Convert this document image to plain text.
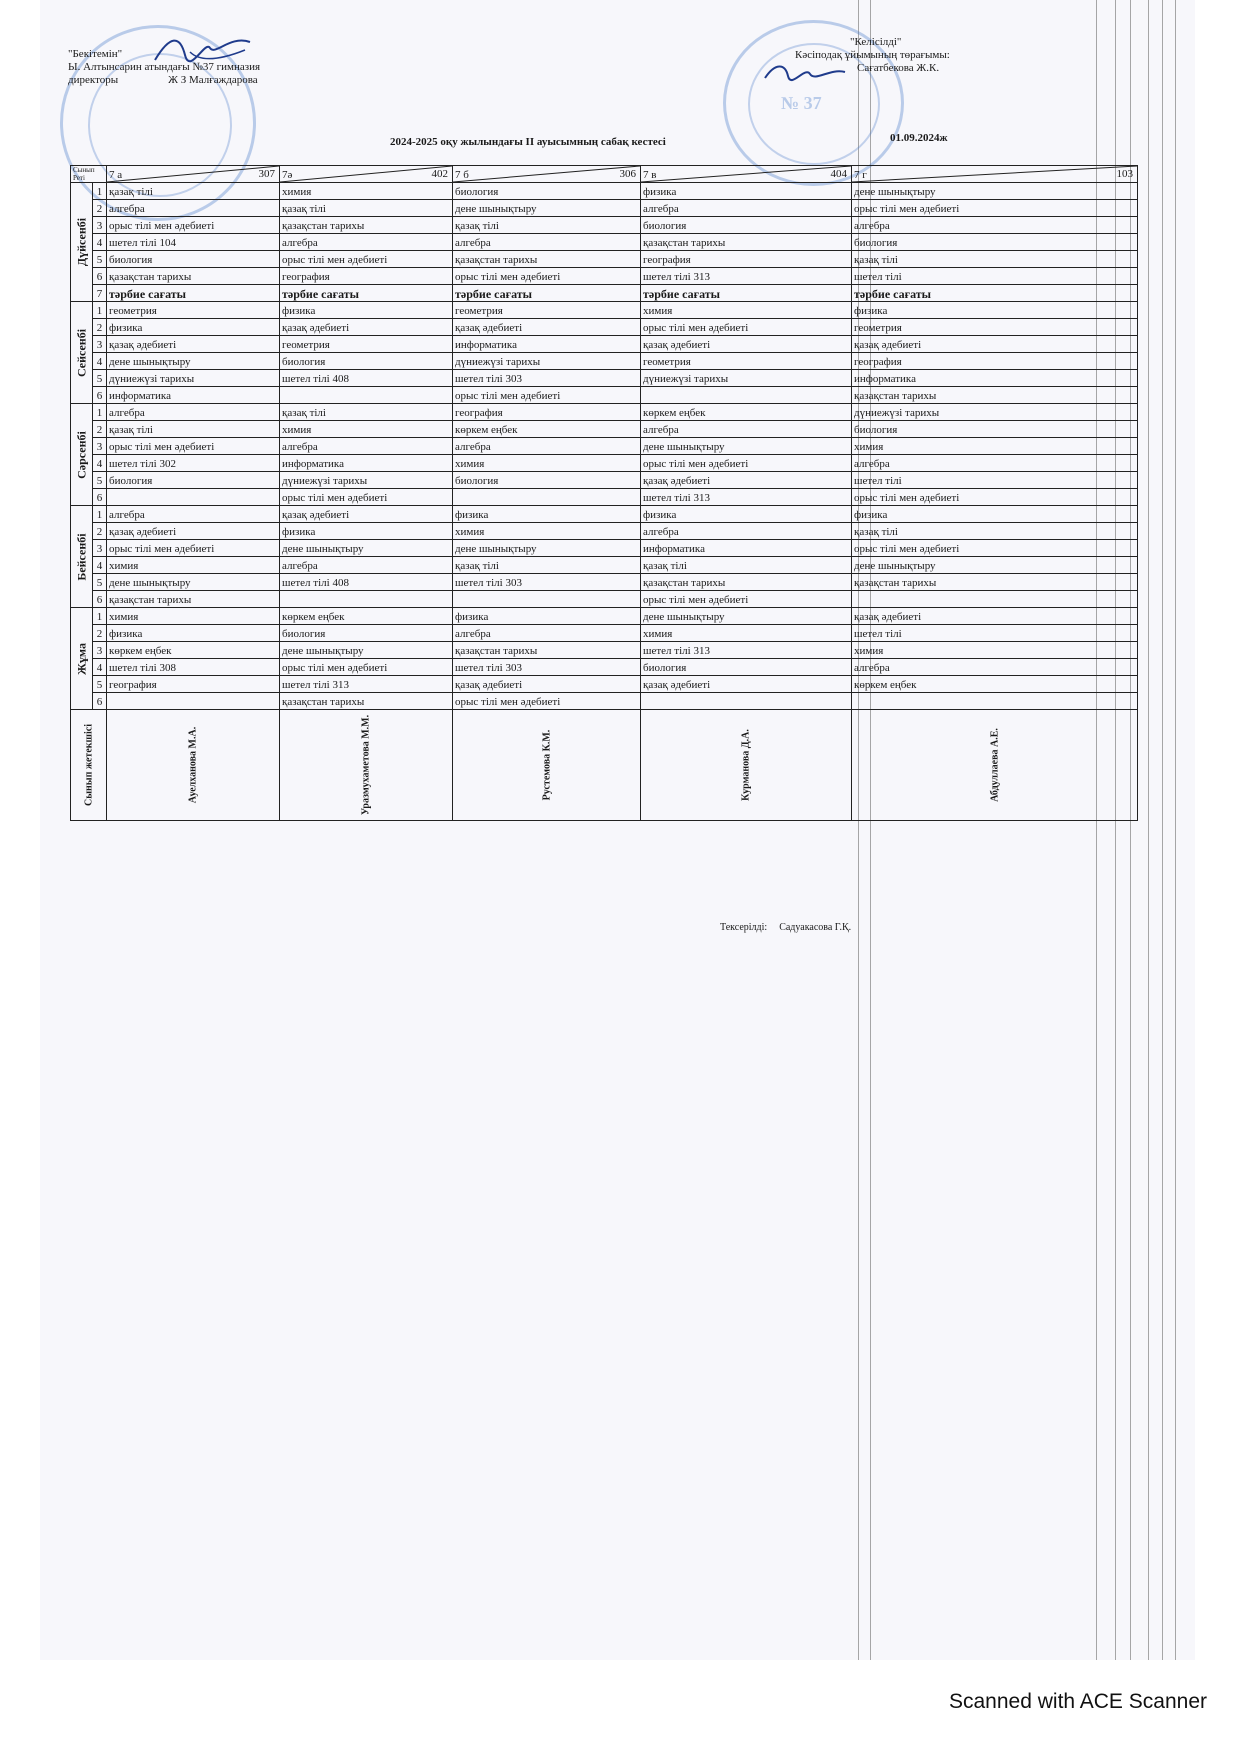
№ 37
"Бекітемін"
Ы. Алтынсарин атындағы №37 гимназия
директоры	Ж З Малғаждарова
"Келісілді"
Кәсіподақ ұйымының төрағымы:
Сағатбекова Ж.К.
2024-2025 оқу жылындағы II ауысымның сабақ кестесі	01.09.2024ж
Сынып
Реті		7 а 307	7ә 402	7 б 306	7 в 404	7 г 103

Дүйсенбі	1	қазақ тілі	химия	биология	физика	дене шынықтыру
	2	алгебра	қазақ тілі	дене шынықтыру	алгебра	орыс тілі мен әдебиеті
	3	орыс тілі мен әдебиеті	қазақстан тарихы	қазақ тілі	биология	алгебра
	4	шетел тілі 104	алгебра	алгебра	қазақстан тарихы	биология
	5	биология	орыс тілі мен әдебиеті	қазақстан тарихы	география	қазақ тілі
	6	қазақстан тарихы	география	орыс тілі мен әдебиеті	шетел тілі 313	шетел тілі
	7	тәрбие сағаты	тәрбие сағаты	тәрбие сағаты	тәрбие сағаты	тәрбие сағаты

Сейсенбі	1	геометрия	физика	геометрия	химия	физика
	2	физика	қазақ әдебиеті	қазақ әдебиеті	орыс тілі мен әдебиеті	геометрия
	3	қазақ әдебиеті	геометрия	информатика	қазақ әдебиеті	қазақ әдебиеті
	4	дене шынықтыру	биология	дүниежүзі тарихы	геометрия	география
	5	дүниежүзі тарихы	шетел тілі 408	шетел тілі 303	дүниежүзі тарихы	информатика
	6	информатика		орыс тілі мен әдебиеті		қазақстан тарихы

Сәрсенбі	1	алгебра	қазақ тілі	география	көркем еңбек	дүниежүзі тарихы
	2	қазақ тілі	химия	көркем еңбек	алгебра	биология
	3	орыс тілі мен әдебиеті	алгебра	алгебра	дене шынықтыру	химия
	4	шетел тілі 302	информатика	химия	орыс тілі мен әдебиеті	алгебра
	5	биология	дүниежүзі тарихы	биология	қазақ әдебиеті	шетел тілі
	6		орыс тілі мен әдебиеті		шетел тілі 313	орыс тілі мен әдебиеті

Бейсенбі	1	алгебра	қазақ әдебиеті	физика	физика	физика
	2	қазақ әдебиеті	физика	химия	алгебра	қазақ тілі
	3	орыс тілі мен әдебиеті	дене шынықтыру	дене шынықтыру	информатика	орыс тілі мен әдебиеті
	4	химия	алгебра	қазақ тілі	қазақ тілі	дене шынықтыру
	5	дене шынықтыру	шетел тілі 408	шетел тілі 303	қазақстан тарихы	қазақстан тарихы
	6	қазақстан тарихы			орыс тілі мен әдебиеті	

Жұма	1	химия	көркем еңбек	физика	дене шынықтыру	қазақ әдебиеті
	2	физика	биология	алгебра	химия	шетел тілі
	3	көркем еңбек	дене шынықтыру	қазақстан тарихы	шетел тілі 313	химия
	4	шетел тілі 308	орыс тілі мен әдебиеті	шетел тілі 303	биология	алгебра
	5	география	шетел тілі 313	қазақ әдебиеті	қазақ әдебиеті	көркем еңбек
	6		қазақстан тарихы	орыс тілі мен әдебиеті		

Сынып жетекшісі		Ауелханова М.А.	Уразмухаметова М.М.	Рустемова К.М.	Курманова Д.А.	Абдуллаева А.Е.
Тексерілді: Садуакасова Г.Қ.
Scanned with ACE Scanner
